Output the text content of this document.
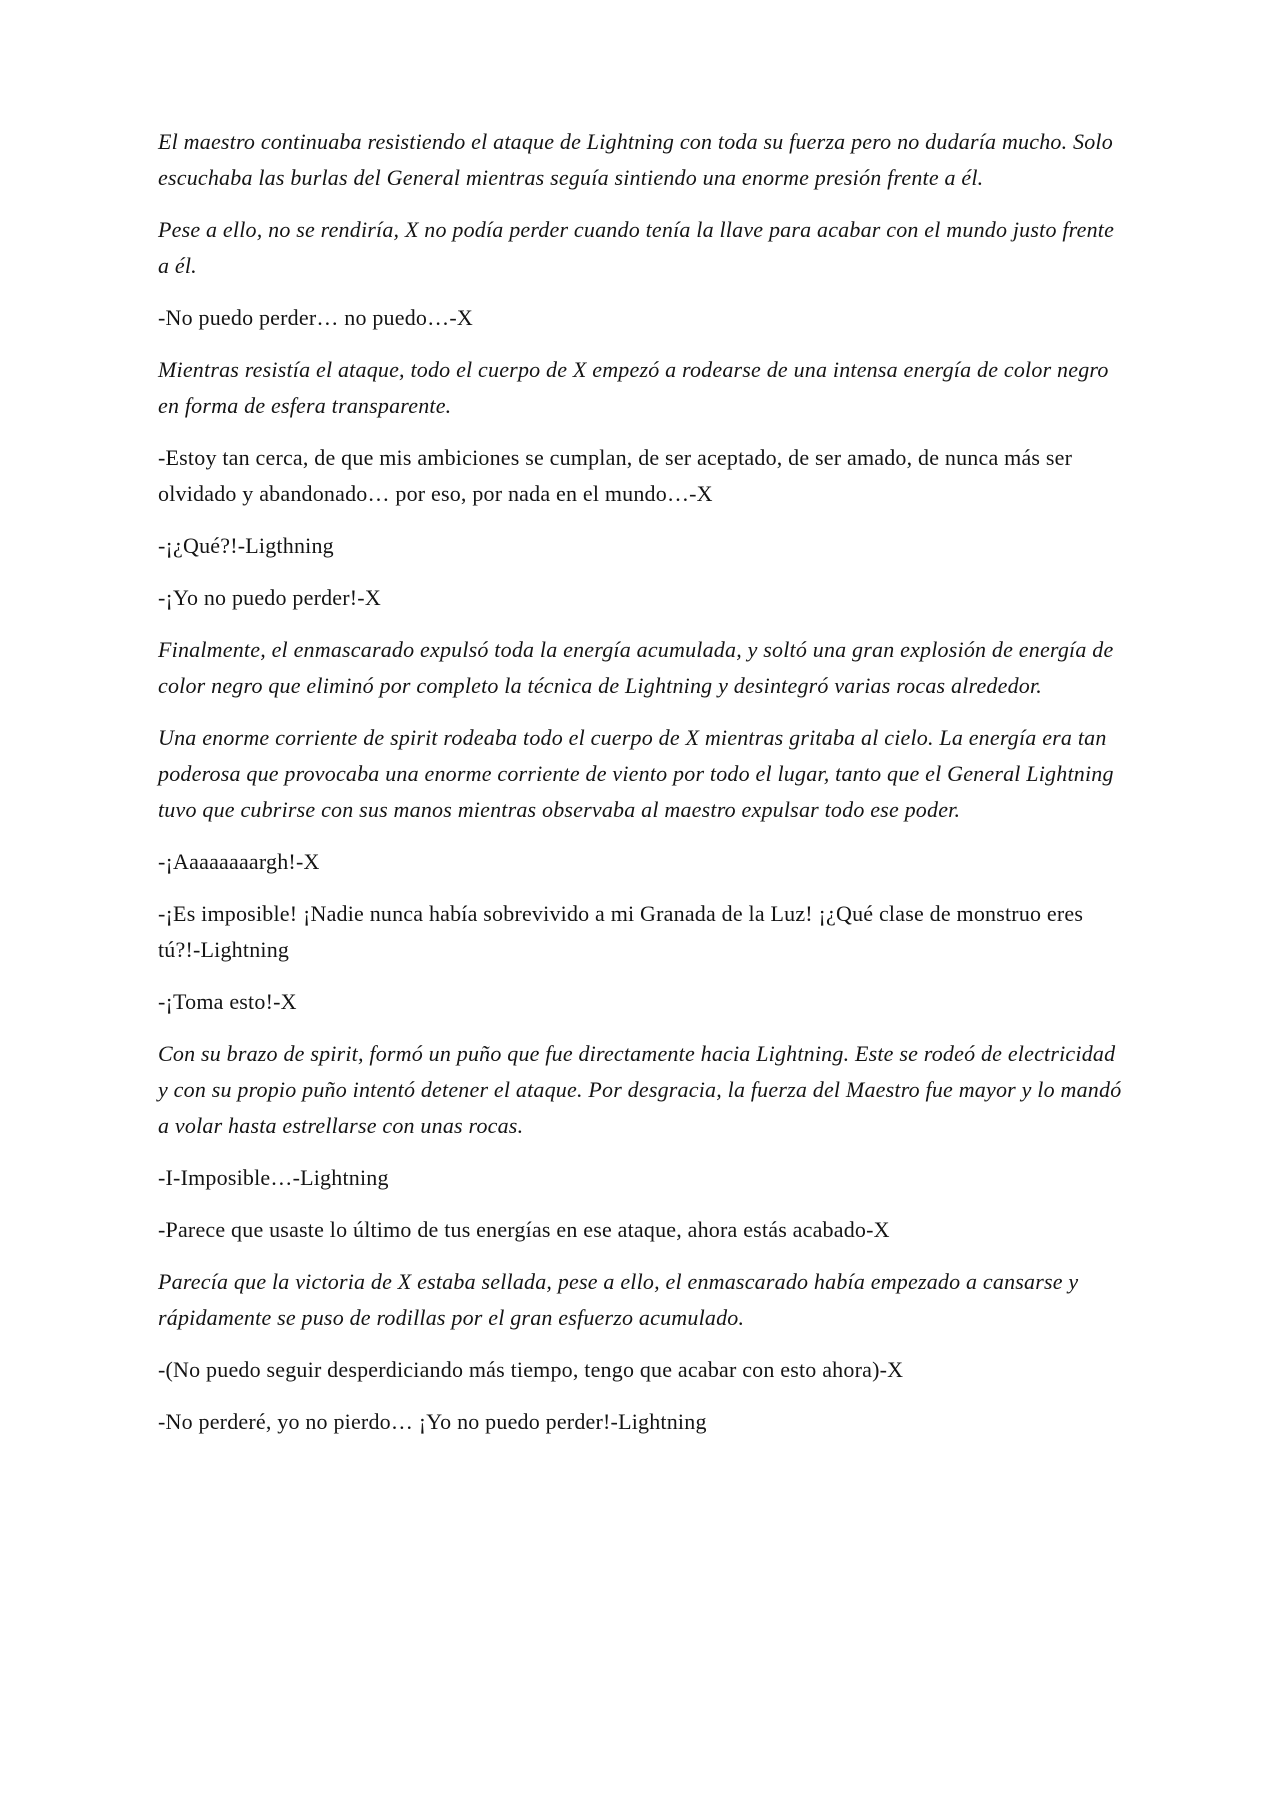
El maestro continuaba resistiendo el ataque de Lightning con toda su fuerza pero no dudaría mucho. Solo escuchaba las burlas del General mientras seguía sintiendo una enorme presión frente a él.

Pese a ello, no se rendiría, X no podía perder cuando tenía la llave para acabar con el mundo justo frente a él.

-No puedo perder… no puedo…-X

Mientras resistía el ataque, todo el cuerpo de X empezó a rodearse de una intensa energía de color negro en forma de esfera transparente.

-Estoy tan cerca, de que mis ambiciones se cumplan, de ser aceptado, de ser amado, de nunca más ser olvidado y abandonado… por eso, por nada en el mundo…-X

-¡¿Qué?!-Ligthning

-¡Yo no puedo perder!-X

Finalmente, el enmascarado expulsó toda la energía acumulada, y soltó una gran explosión de energía de color negro que eliminó por completo la técnica de Lightning y desintegró varias rocas alrededor.

Una enorme corriente de spirit rodeaba todo el cuerpo de X mientras gritaba al cielo. La energía era tan poderosa que provocaba una enorme corriente de viento por todo el lugar, tanto que el General Lightning tuvo que cubrirse con sus manos mientras observaba al maestro expulsar todo ese poder.

-¡Aaaaaaaargh!-X

-¡Es imposible! ¡Nadie nunca había sobrevivido a mi Granada de la Luz! ¡¿Qué clase de monstruo eres tú?!-Lightning

-¡Toma esto!-X

Con su brazo de spirit, formó un puño que fue directamente hacia Lightning. Este se rodeó de electricidad y con su propio puño intentó detener el ataque. Por desgracia, la fuerza del Maestro fue mayor y lo mandó a volar hasta estrellarse con unas rocas.

-I-Imposible…-Lightning

-Parece que usaste lo último de tus energías en ese ataque, ahora estás acabado-X

Parecía que la victoria de X estaba sellada, pese a ello, el enmascarado había empezado a cansarse y rápidamente se puso de rodillas por el gran esfuerzo acumulado.

-(No puedo seguir desperdiciando más tiempo, tengo que acabar con esto ahora)-X

-No perderé, yo no pierdo… ¡Yo no puedo perder!-Lightning
